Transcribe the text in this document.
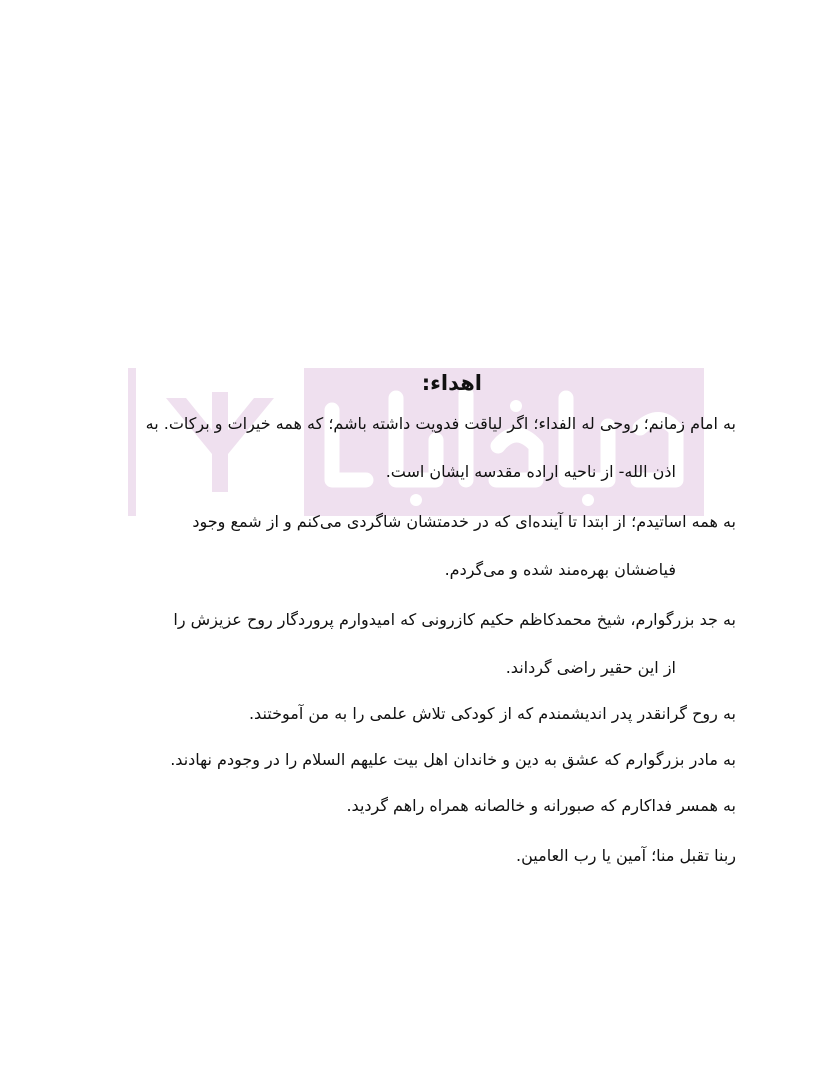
اهداء:
به امام زمانم؛ روحی له الفداء؛ اگر لیاقت فدویت داشته باشم؛ که همه خیرات و برکات. به
اذن الله- از ناحیه اراده مقدسه ایشان است.
به همه اساتیدم؛ از ابتدا تا آینده‌ای که در خدمتشان شاگردی می‌کنم و از شمع وجود
فیاضشان بهره‌مند شده و می‌گردم.
به جد بزرگوارم، شیخ محمدکاظم حکیم کازرونی که امیدوارم پروردگار روح عزیزش را
از این حقیر راضی گرداند.
به روح گرانقدر پدر اندیشمندم که از کودکی تلاش علمی را به من آموختند.
به مادر بزرگوارم که عشق به دین و خاندان اهل بیت علیهم السلام را در وجودم نهادند.
به همسر فداکارم که صبورانه و خالصانه همراه راهم گردید.
ربنا تقبل منا؛ آمین یا رب العامین.
